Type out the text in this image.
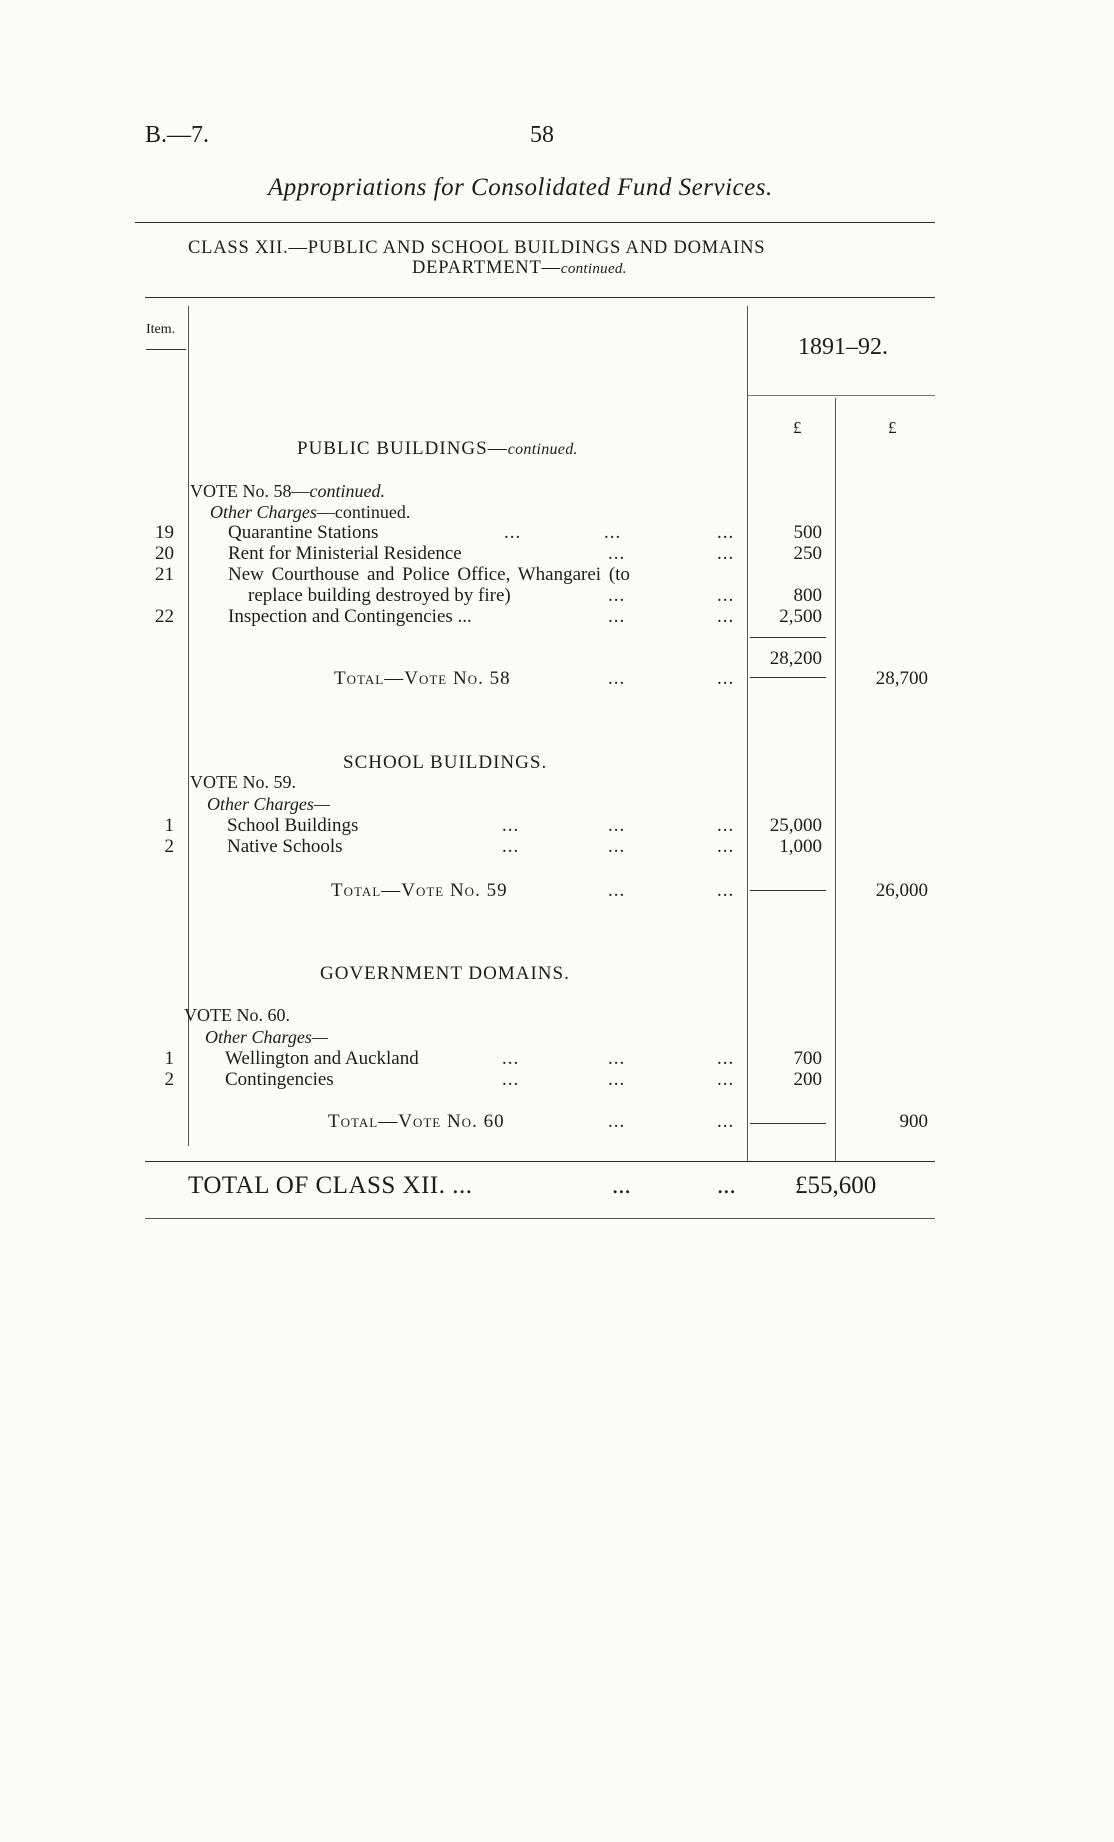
B.—7.	58
Appropriations for Consolidated Fund Services.
CLASS XII.—PUBLIC AND SCHOOL BUILDINGS AND DOMAINS
DEPARTMENT—continued.
Item.
1891–92.
£	£
PUBLIC BUILDINGS—continued.
VOTE No. 58—continued.
Other Charges—continued.
19	Quarantine Stations	...	...	...	500
20	Rent for Ministerial Residence	...	...	250
21	New Courthouse and Police Office, Whangarei (to
replace building destroyed by fire)	...	...	800
22	Inspection and Contingencies ...	...	...	2,500
28,200
Total—Vote No. 58	...	...	28,700
SCHOOL BUILDINGS.
VOTE No. 59.
Other Charges—
1	School Buildings	...	...	...	25,000
2	Native Schools	...	...	...	1,000
Total—Vote No. 59	...	...	26,000
GOVERNMENT DOMAINS.
VOTE No. 60.
Other Charges—
1	Wellington and Auckland	...	...	...	700
2	Contingencies	...	...	...	200
Total—Vote No. 60	...	...	900
TOTAL OF CLASS XII. ...	...	... £55,600
